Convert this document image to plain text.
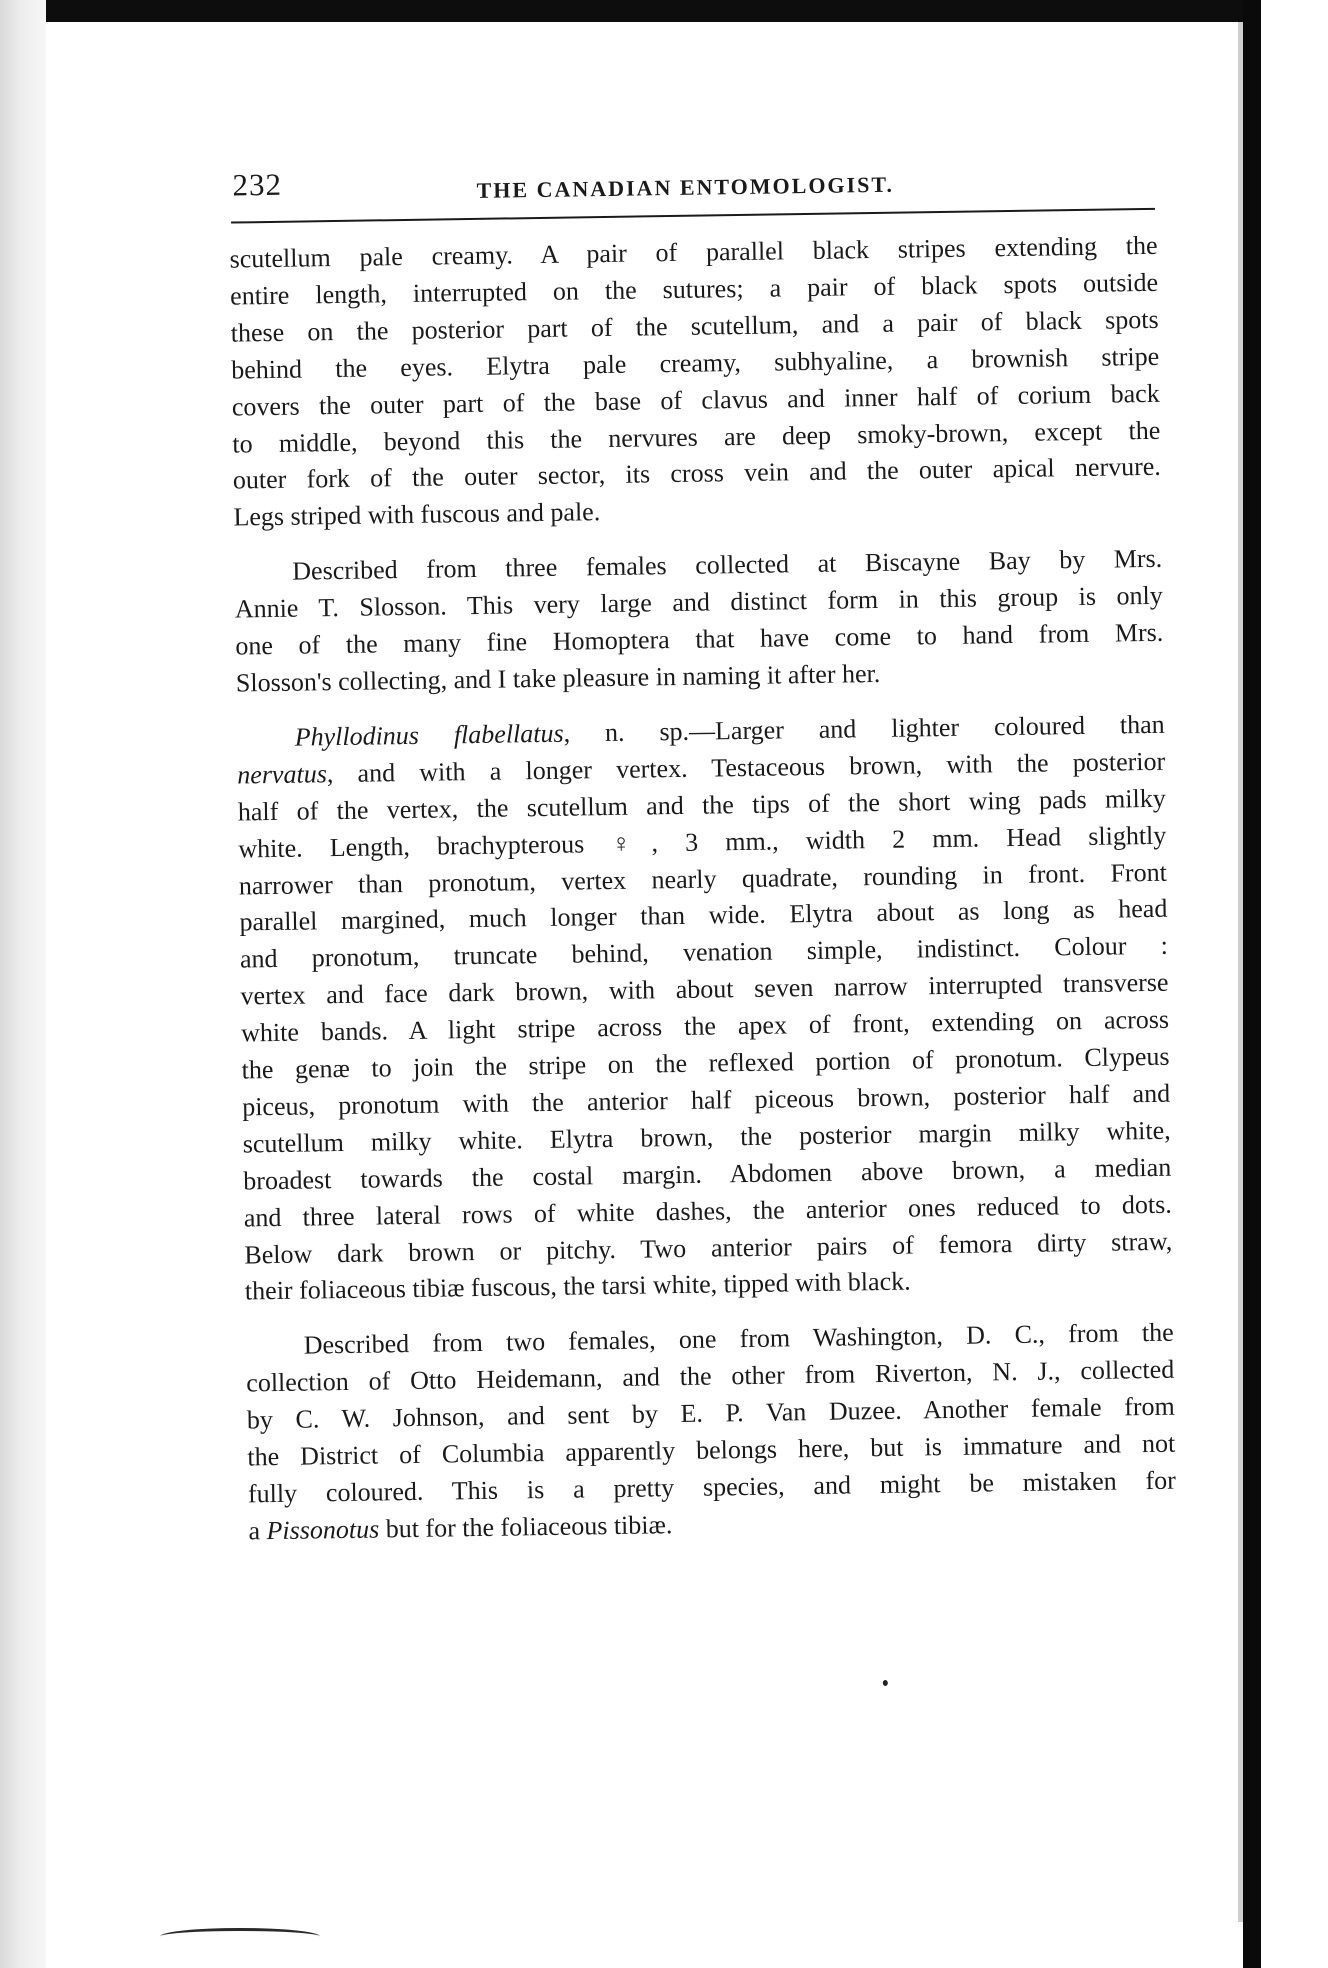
232	THE CANADIAN ENTOMOLOGIST.
scutellum pale creamy. A pair of parallel black stripes extending the
entire length, interrupted on the sutures; a pair of black spots outside
these on the posterior part of the scutellum, and a pair of black spots
behind the eyes. Elytra pale creamy, subhyaline, a brownish stripe
covers the outer part of the base of clavus and inner half of corium back
to middle, beyond this the nervures are deep smoky-brown, except the
outer fork of the outer sector, its cross vein and the outer apical nervure.
Legs striped with fuscous and pale.
Described from three females collected at Biscayne Bay by Mrs.
Annie T. Slosson. This very large and distinct form in this group is only
one of the many fine Homoptera that have come to hand from Mrs.
Slosson's collecting, and I take pleasure in naming it after her.
Phyllodinus flabellatus, n. sp.—Larger and lighter coloured than
nervatus, and with a longer vertex. Testaceous brown, with the posterior
half of the vertex, the scutellum and the tips of the short wing pads milky
white. Length, brachypterous ♀, 3 mm., width 2 mm. Head slightly
narrower than pronotum, vertex nearly quadrate, rounding in front. Front
parallel margined, much longer than wide. Elytra about as long as head
and pronotum, truncate behind, venation simple, indistinct. Colour :
vertex and face dark brown, with about seven narrow interrupted transverse
white bands. A light stripe across the apex of front, extending on across
the genæ to join the stripe on the reflexed portion of pronotum. Clypeus
piceus, pronotum with the anterior half piceous brown, posterior half and
scutellum milky white. Elytra brown, the posterior margin milky white,
broadest towards the costal margin. Abdomen above brown, a median
and three lateral rows of white dashes, the anterior ones reduced to dots.
Below dark brown or pitchy. Two anterior pairs of femora dirty straw,
their foliaceous tibiæ fuscous, the tarsi white, tipped with black.
Described from two females, one from Washington, D. C., from the
collection of Otto Heidemann, and the other from Riverton, N. J., collected
by C. W. Johnson, and sent by E. P. Van Duzee. Another female from
the District of Columbia apparently belongs here, but is immature and not
fully coloured. This is a pretty species, and might be mistaken for
a Pissonotus but for the foliaceous tibiæ.
